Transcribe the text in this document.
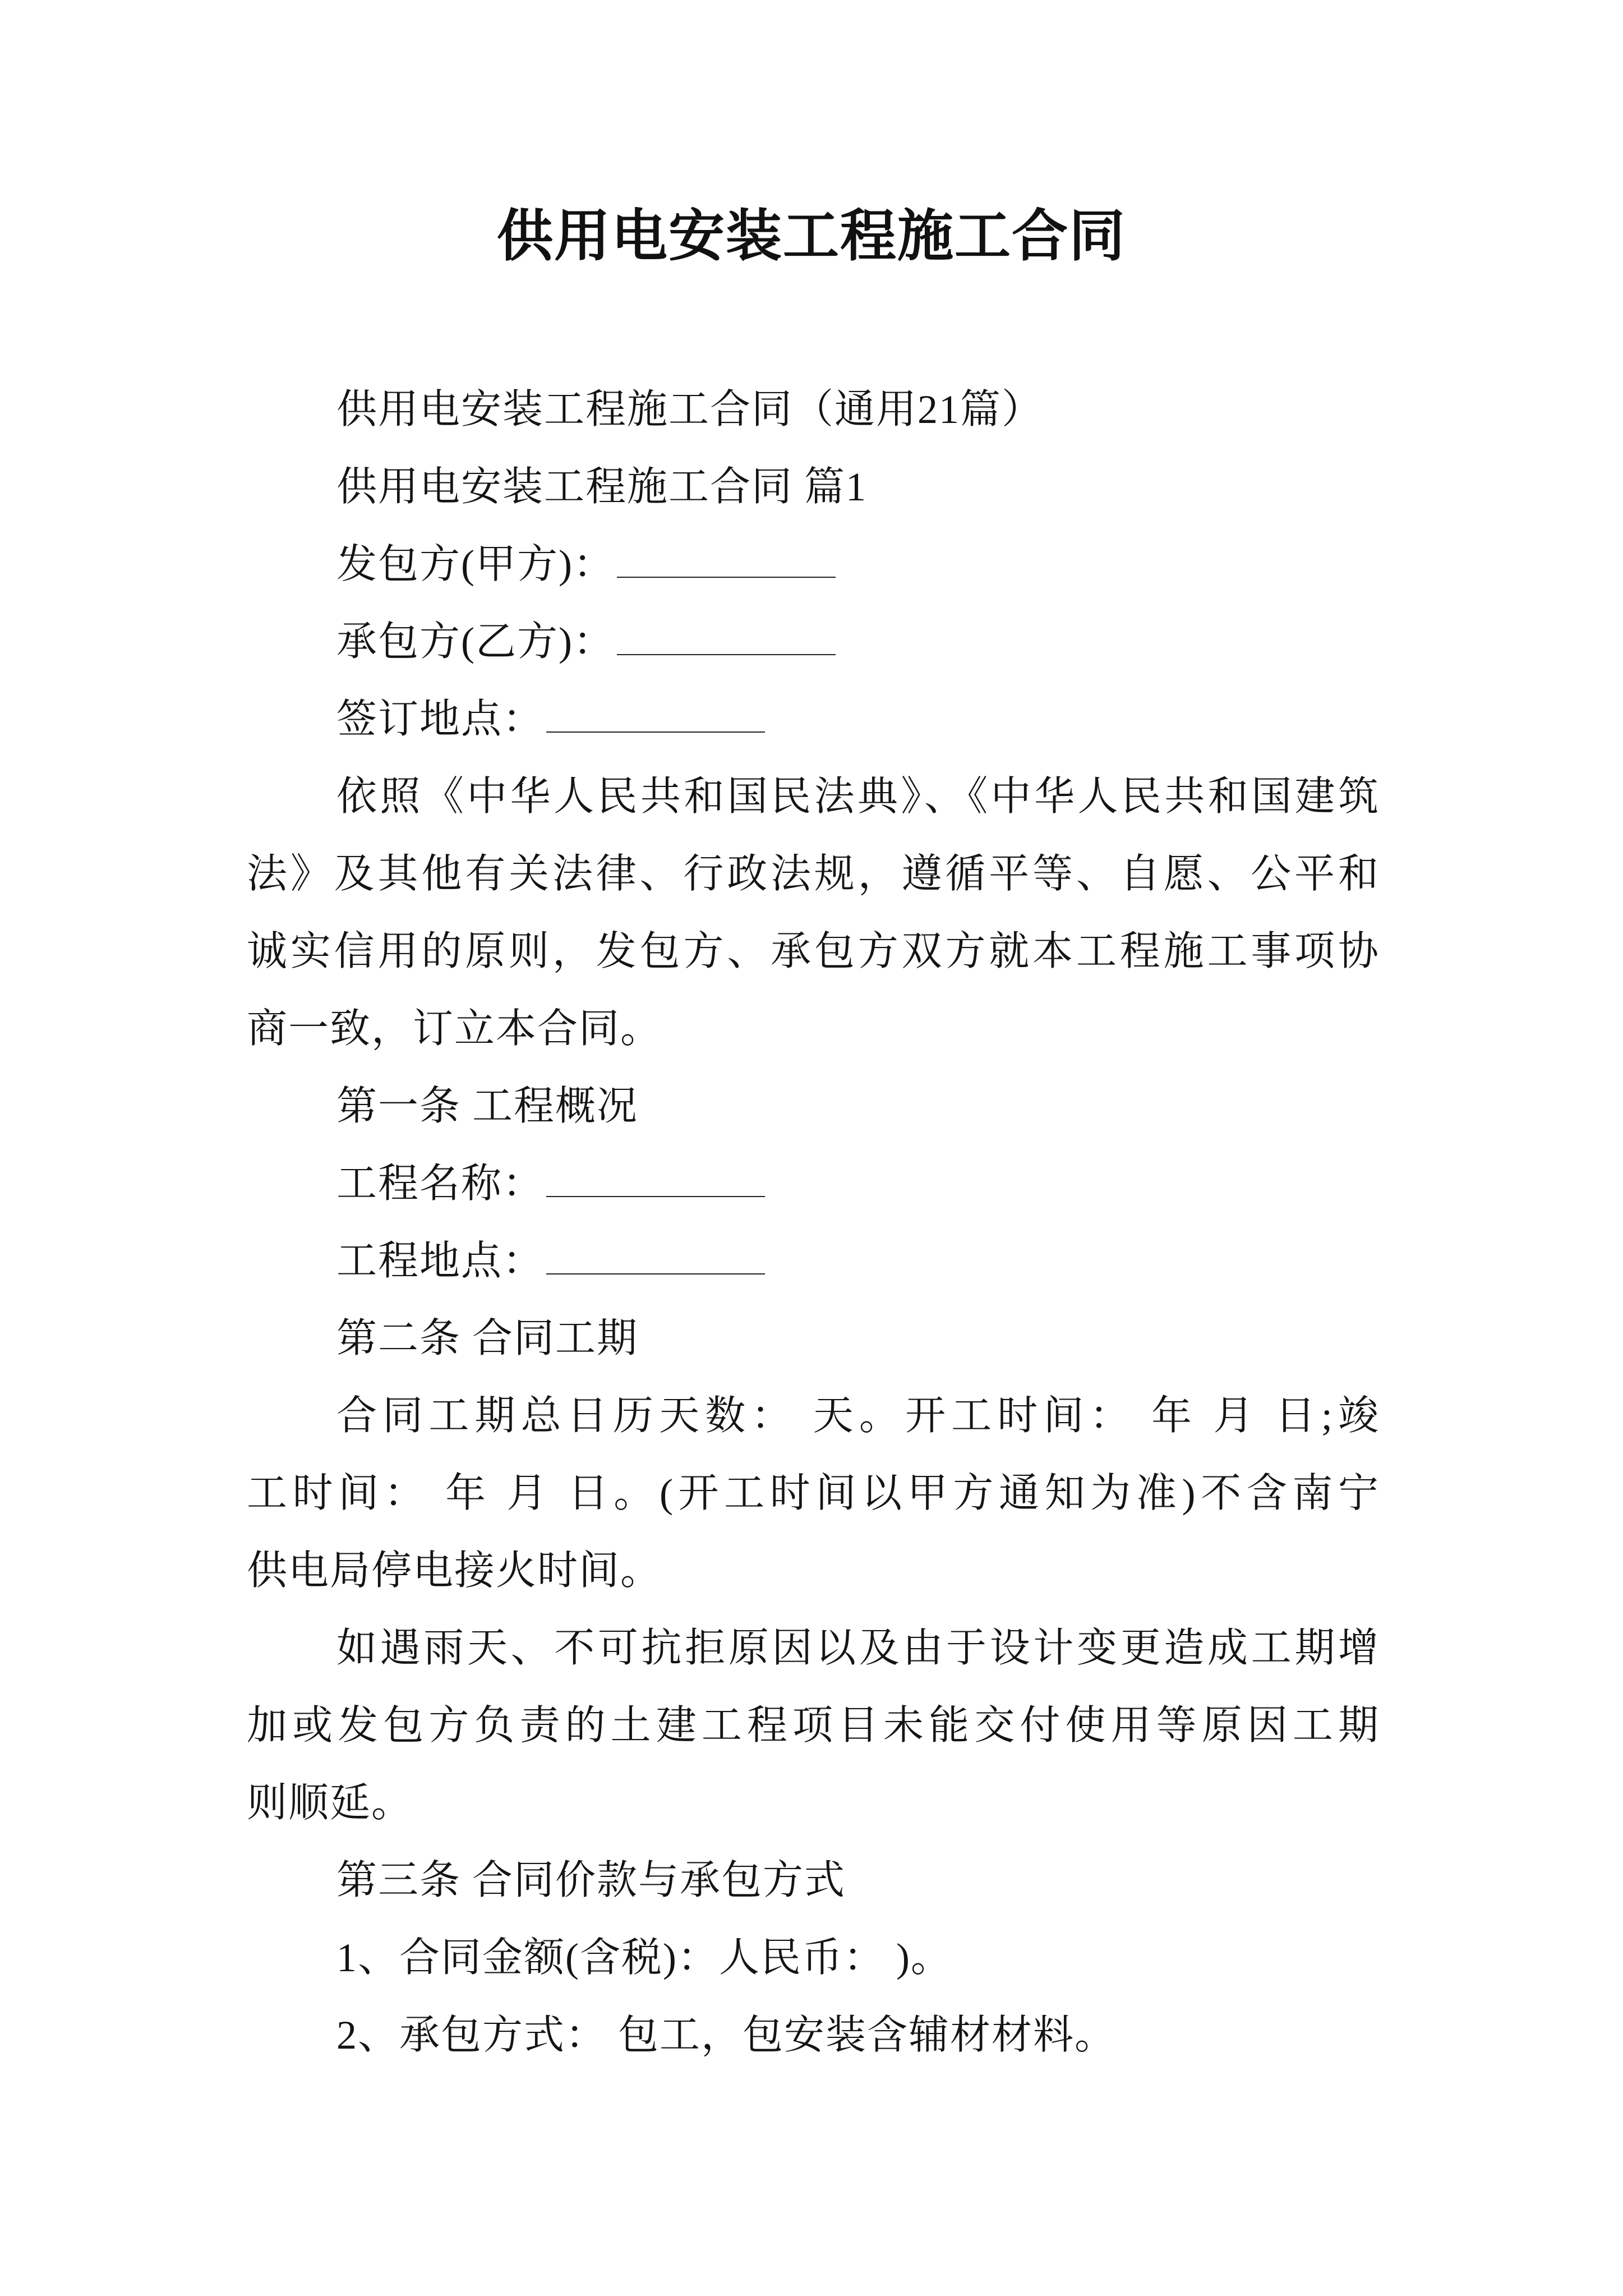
供用电安装工程施工合同
供用电安装工程施工合同（通用21篇）
供用电安装工程施工合同 篇1
发包方(甲方)：
承包方(乙方)：
签订地点：
依照《中华人民共和国民法典》、《中华人民共和国建筑
法》及其他有关法律、行政法规，遵循平等、自愿、公平和
诚实信用的原则，发包方、承包方双方就本工程施工事项协
商一致，订立本合同。
第一条 工程概况
工程名称：
工程地点：
第二条 合同工期
合同工期总日历天数： 天。开工时间： 年 月 日;竣
工时间： 年 月 日。(开工时间以甲方通知为准)不含南宁
供电局停电接火时间。
如遇雨天、不可抗拒原因以及由于设计变更造成工期增
加或发包方负责的土建工程项目未能交付使用等原因工期
则顺延。
第三条 合同价款与承包方式
1、合同金额(含税)：人民币： )。
2、承包方式： 包工，包安装含辅材材料。
